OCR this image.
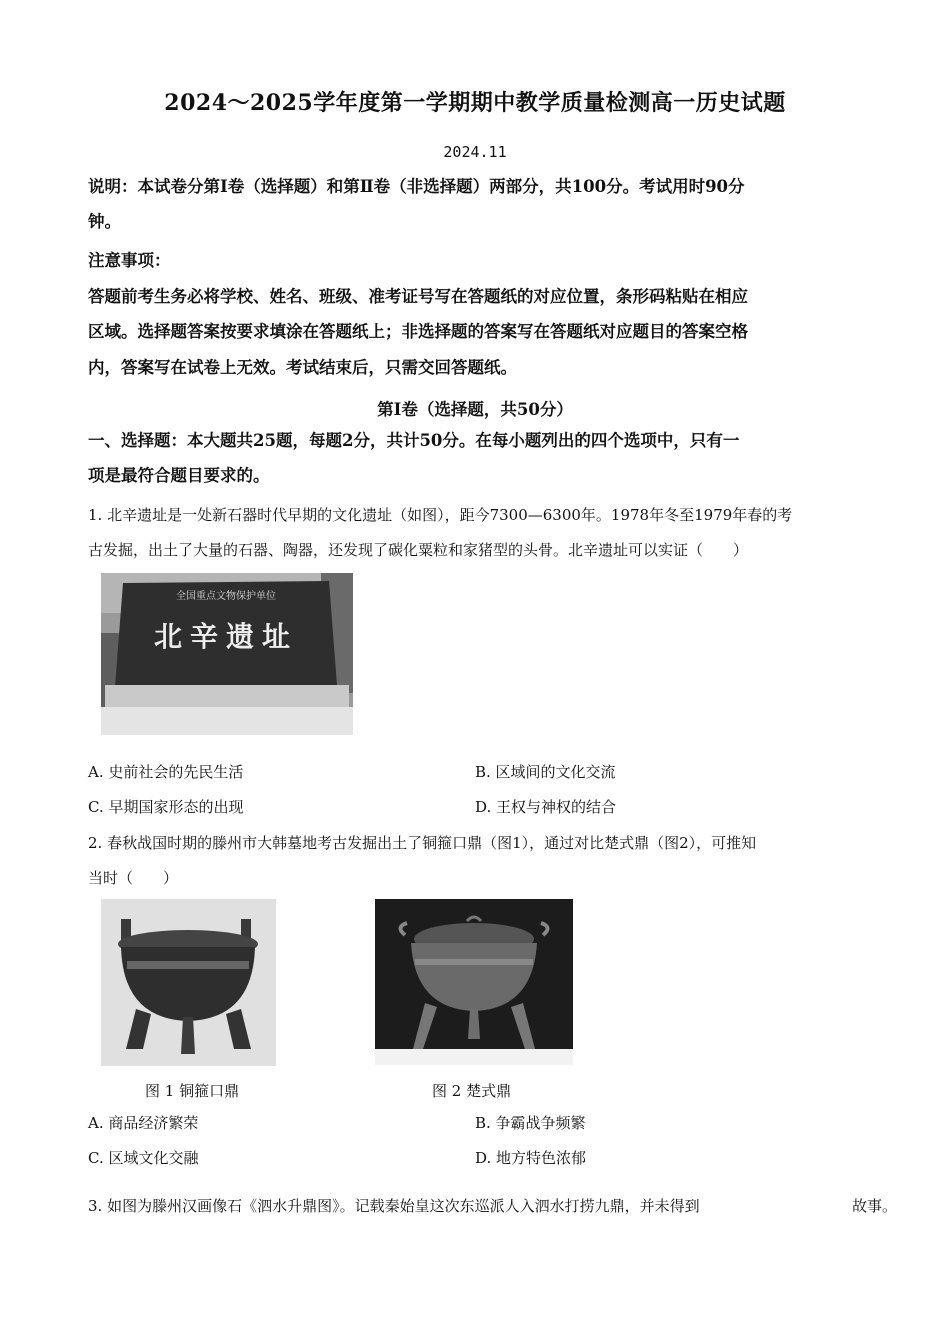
2024～2025学年度第一学期期中教学质量检测高一历史试题
2024.11
说明：本试卷分第Ⅰ卷（选择题）和第Ⅱ卷（非选择题）两部分，共100分。考试用时90分
钟。
注意事项：
答题前考生务必将学校、姓名、班级、准考证号写在答题纸的对应位置，条形码粘贴在相应
区域。选择题答案按要求填涂在答题纸上；非选择题的答案写在答题纸对应题目的答案空格
内，答案写在试卷上无效。考试结束后，只需交回答题纸。
第Ⅰ卷（选择题，共50分）
一、选择题：本大题共25题，每题2分，共计50分。在每小题列出的四个选项中，只有一
项是最符合题目要求的。
1. 北辛遗址是一处新石器时代早期的文化遗址（如图），距今7300—6300年。1978年冬至1979年春的考
古发掘，出土了大量的石器、陶器，还发现了碳化粟粒和家猪型的头骨。北辛遗址可以实证（　　）
全国重点文物保护单位
北辛遗址
A. 史前社会的先民生活	B. 区域间的文化交流
C. 早期国家形态的出现	D. 王权与神权的结合
2. 春秋战国时期的滕州市大韩墓地考古发掘出土了铜箍口鼎（图1），通过对比楚式鼎（图2），可推知
当时（　　）
图 1 铜箍口鼎	图 2 楚式鼎
A. 商品经济繁荣	B. 争霸战争频繁
C. 区域文化交融	D. 地方特色浓郁
3. 如图为滕州汉画像石《泗水升鼎图》。记载秦始皇这次东巡派人入泗水打捞九鼎，并未得到	故事。
